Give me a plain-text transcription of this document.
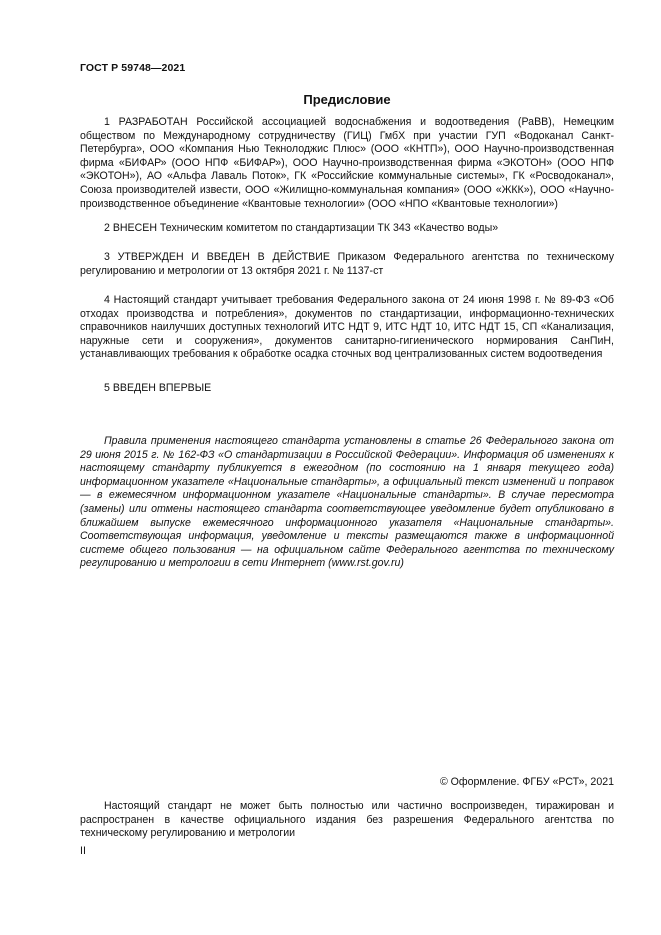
ГОСТ Р 59748—2021
Предисловие

1 РАЗРАБОТАН Российской ассоциацией водоснабжения и водоотведения (РаВВ), Немецким обществом по Международному сотрудничеству (ГИЦ) ГмбХ при участии ГУП «Водоканал Санкт-Петербурга», ООО «Компания Нью Текнолоджис Плюс» (ООО «КНТП»), ООО Научно-производственная фирма «БИФАР» (ООО НПФ «БИФАР»), ООО Научно-производственная фирма «ЭКОТОН» (ООО НПФ «ЭКОТОН»), АО «Альфа Лаваль Поток», ГК «Российские коммунальные системы», ГК «Росводоканал», Союза производителей извести, ООО «Жилищно-коммунальная компания» (ООО «ЖКК»), ООО «Научно-производственное объединение «Квантовые технологии» (ООО «НПО «Квантовые технологии»)

2 ВНЕСЕН Техническим комитетом по стандартизации ТК 343 «Качество воды»

3 УТВЕРЖДЕН И ВВЕДЕН В ДЕЙСТВИЕ Приказом Федерального агентства по техническому регулированию и метрологии от 13 октября 2021 г. № 1137-ст

4 Настоящий стандарт учитывает требования Федерального закона от 24 июня 1998 г. № 89-ФЗ «Об отходах производства и потребления», документов по стандартизации, информационно-технических справочников наилучших доступных технологий ИТС НДТ 9, ИТС НДТ 10, ИТС НДТ 15, СП «Канализация, наружные сети и сооружения», документов санитарно-гигиенического нормирования СанПиН, устанавливающих требования к обработке осадка сточных вод централизованных систем водоотведения

5 ВВЕДЕН ВПЕРВЫЕ

Правила применения настоящего стандарта установлены в статье 26 Федерального закона от 29 июня 2015 г. № 162-ФЗ «О стандартизации в Российской Федерации». Информация об изменениях к настоящему стандарту публикуется в ежегодном (по состоянию на 1 января текущего года) информационном указателе «Национальные стандарты», а официальный текст изменений и поправок — в ежемесячном информационном указателе «Национальные стандарты». В случае пересмотра (замены) или отмены настоящего стандарта соответствующее уведомление будет опубликовано в ближайшем выпуске ежемесячного информационного указателя «Национальные стандарты». Соответствующая информация, уведомление и тексты размещаются также в информационной системе общего пользования — на официальном сайте Федерального агентства по техническому регулированию и метрологии в сети Интернет (www.rst.gov.ru)

© Оформление. ФГБУ «РСТ», 2021

Настоящий стандарт не может быть полностью или частично воспроизведен, тиражирован и распространен в качестве официального издания без разрешения Федерального агентства по техническому регулированию и метрологии

II
